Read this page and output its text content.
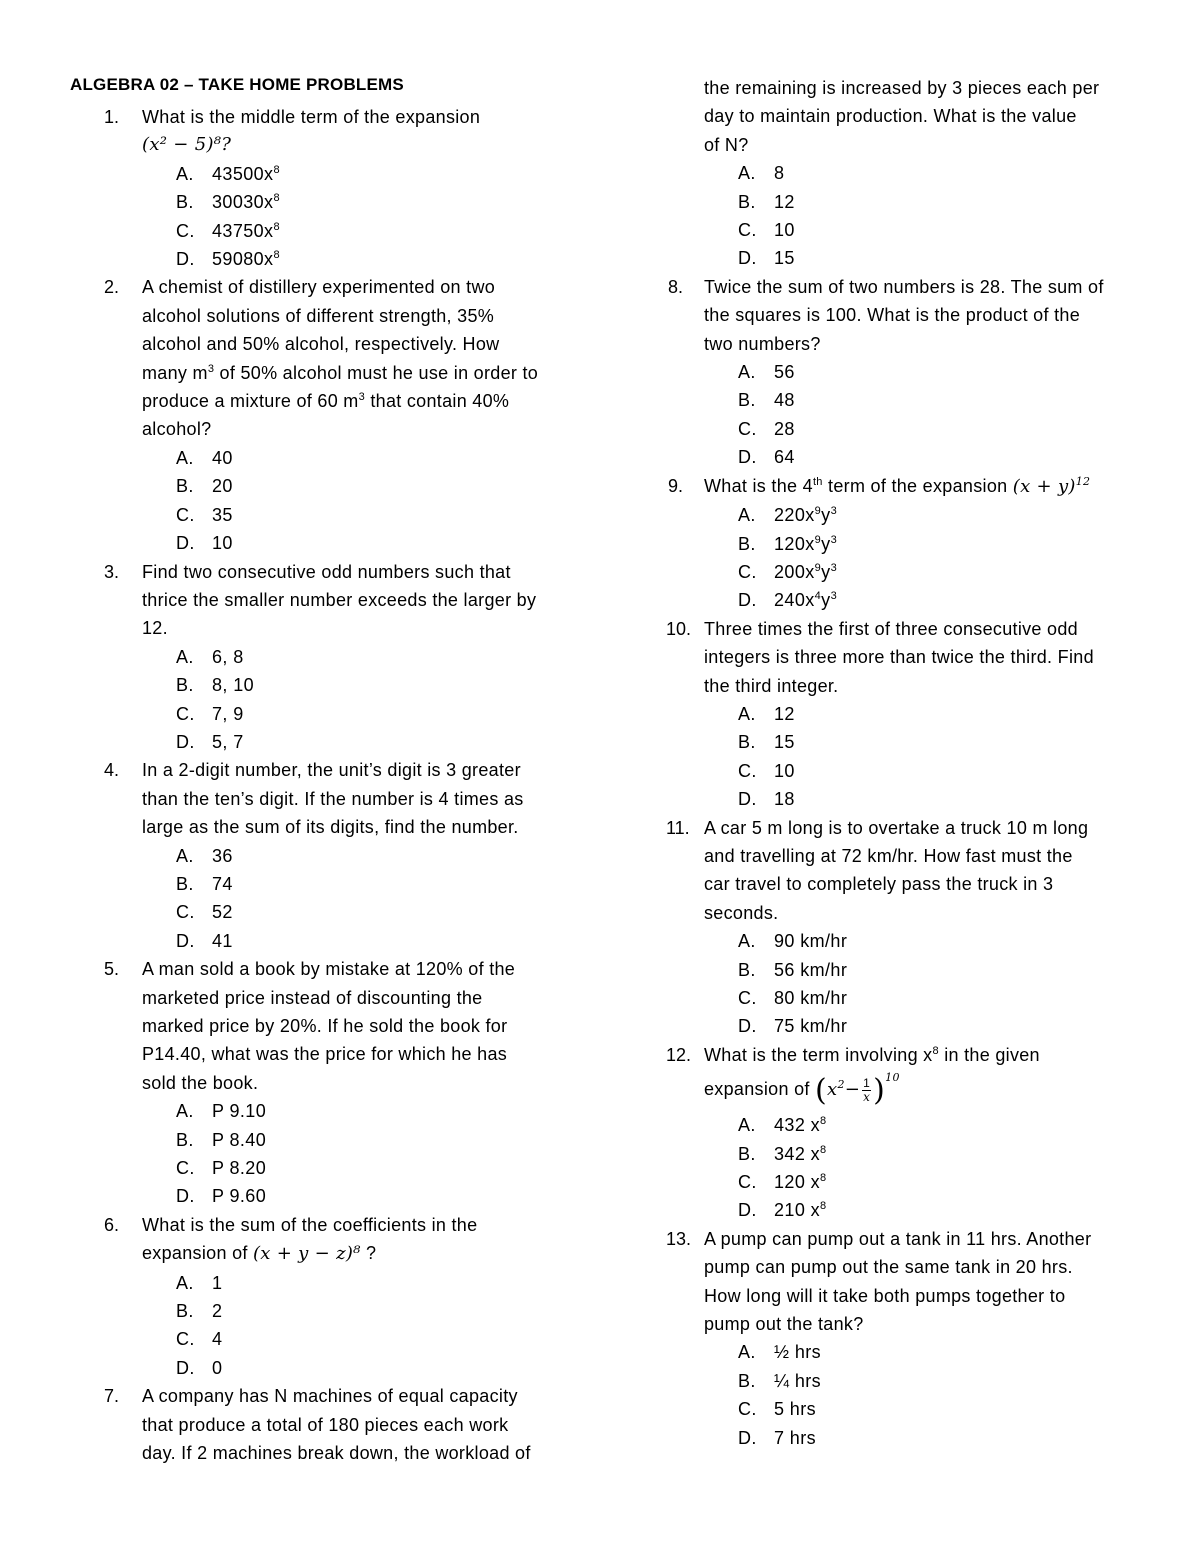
ALGEBRA 02 – TAKE HOME PROBLEMS
1.	What is the middle term of the expansion
(x² − 5)⁸?
A. $43500x^8$
B. $30030x^8$
C. $43750x^8$
D. $59080x^8$
2.	A chemist of distillery experimented on two
alcohol solutions of different strength, 35%
alcohol and 50% alcohol, respectively. How
many $m^3$ of 50% alcohol must he use in order to
produce a mixture of 60 $m^3$ that contain 40%
alcohol?
A. 40
B. 20
C. 35
D. 10
3.	Find two consecutive odd numbers such that
thrice the smaller number exceeds the larger by
12.
A. 6, 8
B. 8, 10
C. 7, 9
D. 5, 7
4.	In a 2-digit number, the unit’s digit is 3 greater
than the ten’s digit. If the number is 4 times as
large as the sum of its digits, find the number.
A. 36
B. 74
C. 52
D. 41
5.	A man sold a book by mistake at 120% of the
marketed price instead of discounting the
marked price by 20%. If he sold the book for
P14.40, what was the price for which he has
sold the book.
A. P 9.10
B. P 8.40
C. P 8.20
D. P 9.60
6.	What is the sum of the coefficients in the
expansion of (x + y − z)⁸ ?
A. 1
B. 2
C. 4
D. 0
7.	A company has N machines of equal capacity
that produce a total of 180 pieces each work
day. If 2 machines break down, the workload of
the remaining is increased by 3 pieces each per
day to maintain production. What is the value
of N?
A. 8
B. 12
C. 10
D. 15
8.	Twice the sum of two numbers is 28. The sum of
the squares is 100. What is the product of the
two numbers?
A. 56
B. 48
C. 28
D. 64
9.	What is the 4th term of the expansion $(x + y)^{12}$
A. $220x^9y^3$
B. $120x^9y^3$
C. $200x^9y^3$
D. $240x^4y^3$
10. Three times the first of three consecutive odd
integers is three more than twice the third. Find
the third integer.
A. 12
B. 15
C. 10
D. 18
11. A car 5 m long is to overtake a truck 10 m long
and travelling at 72 km/hr. How fast must the
car travel to completely pass the truck in 3
seconds.
A. 90 km/hr
B. 56 km/hr
C. 80 km/hr
D. 75 km/hr
12. What is the term involving $x^8$ in the given
expansion of $(x^2- \frac{1}{x} )^{10}$
A. 432 $x^8$
B. 342 $x^8$
C. 120 $x^8$
D. 210 $x^8$
13. A pump can pump out a tank in 11 hrs. Another
pump can pump out the same tank in 20 hrs.
How long will it take both pumps together to
pump out the tank?
A. ½ hrs
B. ¼ hrs
C. 5 hrs
D. 7 hrs
